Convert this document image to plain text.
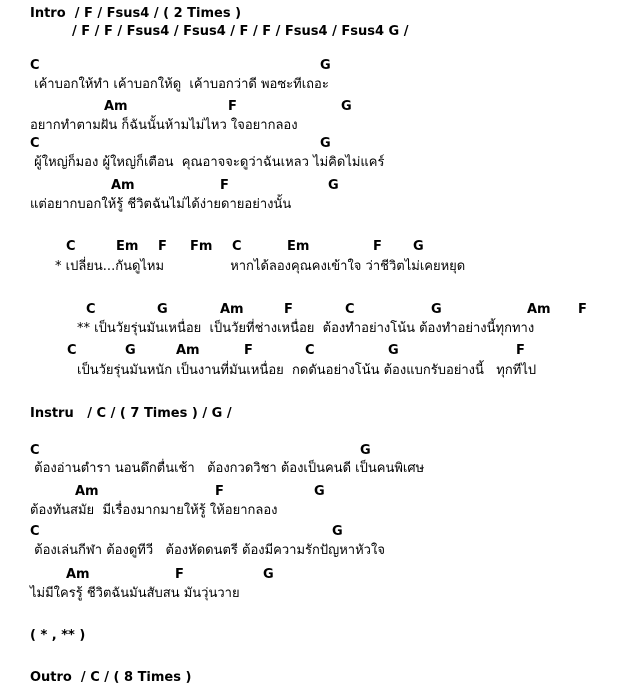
Intro  / F / Fsus4 / ( 2 Times )
/ F / F / Fsus4 / Fsus4 / F / F / Fsus4 / Fsus4 G /
C	G
เค้าบอกให้ทำ เค้าบอกให้ดู  เค้าบอกว่าดี พอซะทีเถอะ
Am	F	G
อยากทำตามฝัน ก็ฉันนั้นห้ามไม่ไหว ใจอยากลอง
C	G
ผู้ใหญ่ก็มอง ผู้ใหญ่ก็เตือน  คุณอาจจะดูว่าฉันเหลว ไม่คิดไม่แคร์
Am	F	G
แต่อยากบอกให้รู้ ชีวิตฉันไม่ได้ง่ายดายอย่างนั้น
C	Em F Fm C	Em	F G
* เปลี่ยน...กันดูไหม                หากได้ลองคุณคงเข้าใจ ว่าชีวิตไม่เคยหยุด
C	G	Am	F	C	G	Am F
** เป็นวัยรุ่นมันเหนื่อย  เป็นวัยที่ช่างเหนื่อย  ต้องทำอย่างโน้น ต้องทำอย่างนี้ทุกทาง
C	G	Am	F	C	G	F
เป็นวัยรุ่นมันหนัก เป็นงานที่มันเหนื่อย  กดดันอย่างโน้น ต้องแบกรับอย่างนี้   ทุกทีไป
Instru   / C / ( 7 Times ) / G /
C	G
ต้องอ่านตำรา นอนดึกตื่นเช้า   ต้องกวดวิชา ต้องเป็นคนดี เป็นคนพิเศษ
Am	F	G
ต้องทันสมัย  มีเรื่องมากมายให้รู้ ให้อยากลอง
C	G
ต้องเล่นกีฬา ต้องดูทีวี   ต้องหัดดนตรี ต้องมีความรักปัญหาหัวใจ
Am	F	G
ไม่มีใครรู้ ชีวิตฉันมันสับสน มันวุ่นวาย
( * , ** )
Outro  / C / ( 8 Times )
